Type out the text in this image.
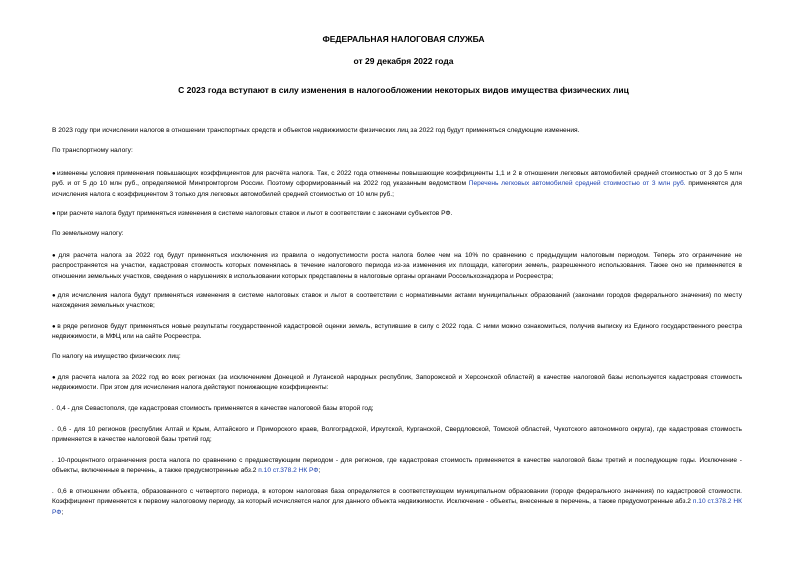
ФЕДЕРАЛЬНАЯ НАЛОГОВАЯ СЛУЖБА
от 29 декабря 2022 года
С 2023 года вступают в силу изменения в налогообложении некоторых видов имущества физических лиц

В 2023 году при исчислении налогов в отношении транспортных средств и объектов недвижимости физических лиц за 2022 год будут применяться следующие изменения.

По транспортному налогу:

●изменены условия применения повышающих коэффициентов для расчёта налога. Так, с 2022 года отменены повышающие коэффициенты 1,1 и 2 в отношении легковых автомобилей средней стоимостью от 3 до 5 млн руб. и от 5 до 10 млн руб., определяемой Минпромторгом России. Поэтому сформированный на 2022 год указанным ведомством Перечень легковых автомобилей средней стоимостью от 3 млн руб. применяется для исчисления налога с коэффициентом 3 только для легковых автомобилей средней стоимостью от 10 млн руб.;

●при расчете налога будут применяться изменения в системе налоговых ставок и льгот в соответствии с законами субъектов РФ.

По земельному налогу:

●для расчета налога за 2022 год будут применяться исключения из правила о недопустимости роста налога более чем на 10% по сравнению с предыдущим налоговым периодом. Теперь это ограничение не распространяется на участки, кадастровая стоимость которых поменялась в течение налогового периода из-за изменения их площади, категории земель, разрешенного использования. Также оно не применяется в отношении земельных участков, сведения о нарушениях в использовании которых представлены в налоговые органы органами Россельхознадзора и Росреестра;

●для исчисления налога будут применяться изменения в системе налоговых ставок и льгот в соответствии с нормативными актами муниципальных образований (законами городов федерального значения) по месту нахождения земельных участков;

●в ряде регионов будут применяться новые результаты государственной кадастровой оценки земель, вступившие в силу с 2022 года. С ними можно ознакомиться, получив выписку из Единого государственного реестра недвижимости, в МФЦ или на сайте Росреестра.

По налогу на имущество физических лиц:

●для расчета налога за 2022 год во всех регионах (за исключением Донецкой и Луганской народных республик, Запорожской и Херсонской областей) в качестве налоговой базы используется кадастровая стоимость недвижимости. При этом для исчисления налога действуют понижающие коэффициенты:

. 0,4 - для Севастополя, где кадастровая стоимость применяется в качестве налоговой базы второй год;

. 0,6 - для 10 регионов (республик Алтай и Крым, Алтайского и Приморского краев, Волгоградской, Иркутской, Курганской, Свердловской, Томской областей, Чукотского автономного округа), где кадастровая стоимость применяется в качестве налоговой базы третий год;

. 10-процентного ограничения роста налога по сравнению с предшествующим периодом - для регионов, где кадастровая стоимость применяется в качестве налоговой базы третий и последующие годы. Исключение - объекты, включенные в перечень, а также предусмотренные абз.2 п.10 ст.378.2 НК РФ;

. 0,6 в отношении объекта, образованного с четвертого периода, в котором налоговая база определяется в соответствующем муниципальном образовании (городе федерального значения) по кадастровой стоимости. Коэффициент применяется к первому налоговому периоду, за который исчисляется налог для данного объекта недвижимости. Исключение - объекты, внесенные в перечень, а также предусмотренные абз.2 п.10 ст.378.2 НК РФ;
